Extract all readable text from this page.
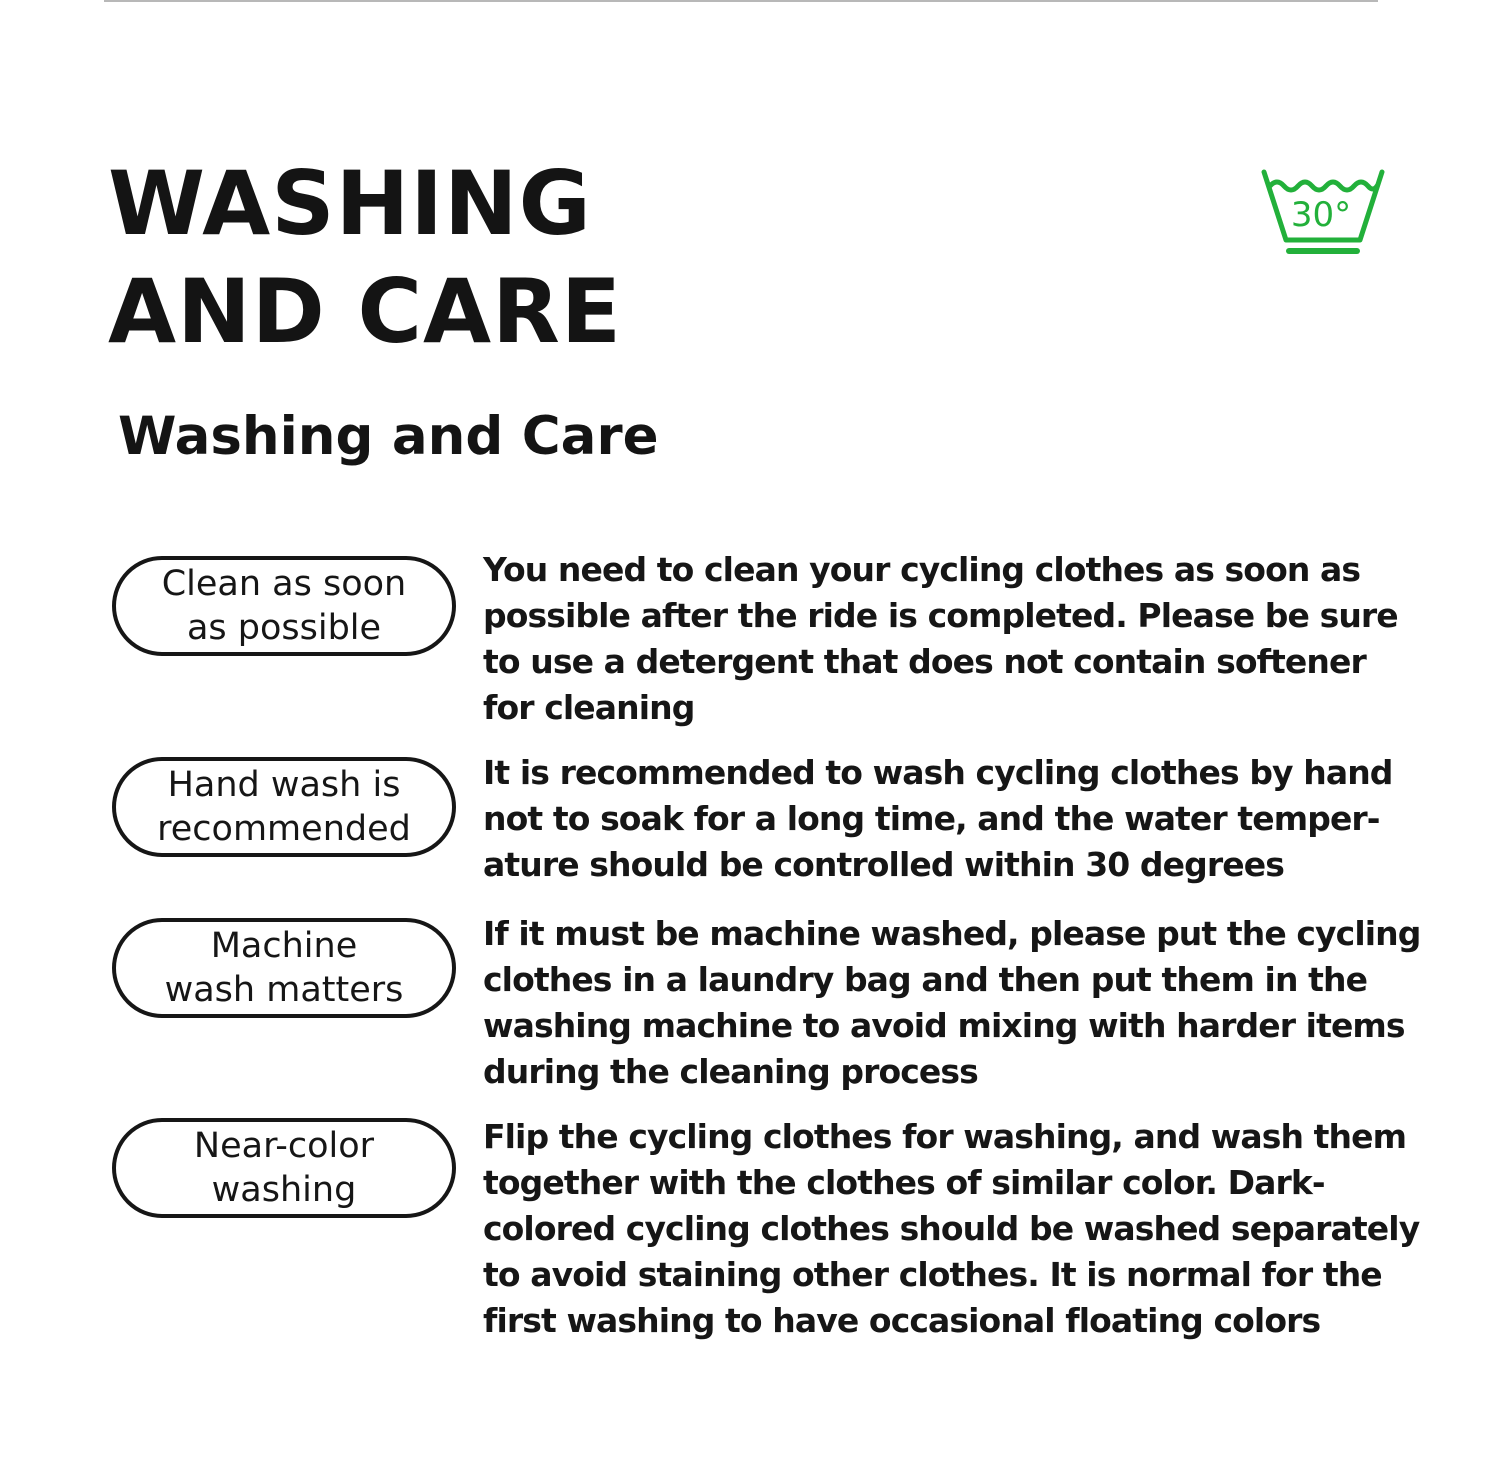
WASHING
AND CARE
30°
Washing and Care
Clean as soon
as possible

You need to clean your cycling clothes as soon as
possible after the ride is completed. Please be sure
to use a detergent that does not contain softener
for cleaning

Hand wash is
recommended

It is recommended to wash cycling clothes by hand
not to soak for a long time, and the water temper-
ature should be controlled within 30 degrees

Machine
wash matters

If it must be machine washed, please put the cycling
clothes in a laundry bag and then put them in the
washing machine to avoid mixing with harder items
during the cleaning process

Near-color
washing

Flip the cycling clothes for washing, and wash them
together with the clothes of similar color. Dark-
colored cycling clothes should be washed separately
to avoid staining other clothes. It is normal for the
first washing to have occasional floating colors
